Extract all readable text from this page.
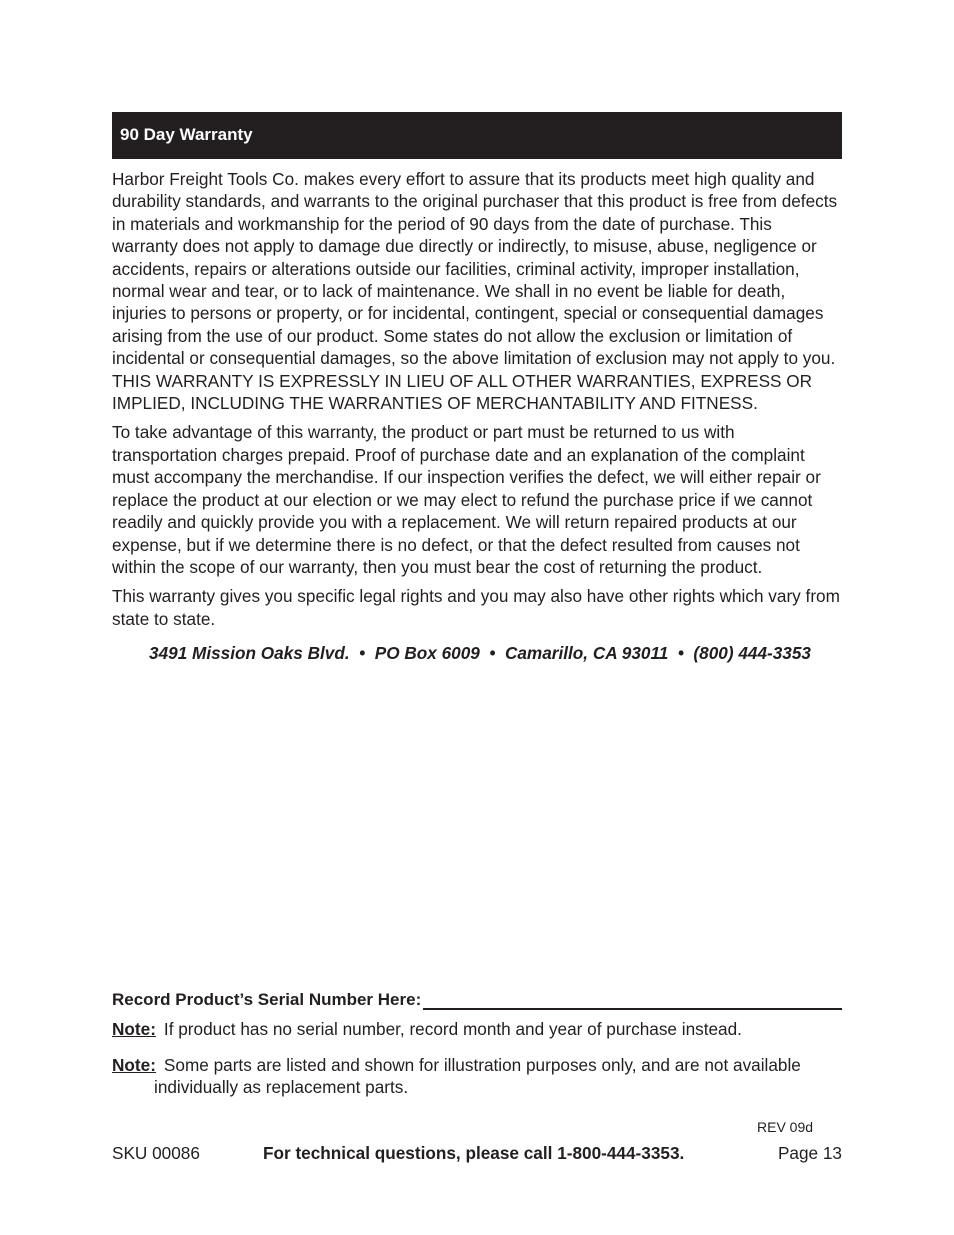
90 Day Warranty

Harbor Freight Tools Co. makes every effort to assure that its products meet high quality and durability standards, and warrants to the original purchaser that this product is free from defects in materials and workmanship for the period of 90 days from the date of purchase. This warranty does not apply to damage due directly or indirectly, to misuse, abuse, negligence or accidents, repairs or alterations outside our facilities, criminal activity, improper installation, normal wear and tear, or to lack of maintenance. We shall in no event be liable for death, injuries to persons or property, or for incidental, contingent, special or consequential damages arising from the use of our product. Some states do not allow the exclusion or limitation of incidental or consequential damages, so the above limitation of exclusion may not apply to you. THIS WARRANTY IS EXPRESSLY IN LIEU OF ALL OTHER WARRANTIES, EXPRESS OR IMPLIED, INCLUDING THE WARRANTIES OF MERCHANTABILITY AND FITNESS.

To take advantage of this warranty, the product or part must be returned to us with transportation charges prepaid. Proof of purchase date and an explanation of the complaint must accompany the merchandise. If our inspection verifies the defect, we will either repair or replace the product at our election or we may elect to refund the purchase price if we cannot readily and quickly provide you with a replacement. We will return repaired products at our expense, but if we determine there is no defect, or that the defect resulted from causes not within the scope of our warranty, then you must bear the cost of returning the product.

This warranty gives you specific legal rights and you may also have other rights which vary from state to state.

3491 Mission Oaks Blvd.  •  PO Box 6009  •  Camarillo, CA 93011  •  (800) 444-3353
Record Product’s Serial Number Here:
Note: If product has no serial number, record month and year of purchase instead.
Note: Some parts are listed and shown for illustration purposes only, and are not available individually as replacement parts.
REV 09d
SKU 00086	For technical questions, please call 1-800-444-3353.	Page 13
